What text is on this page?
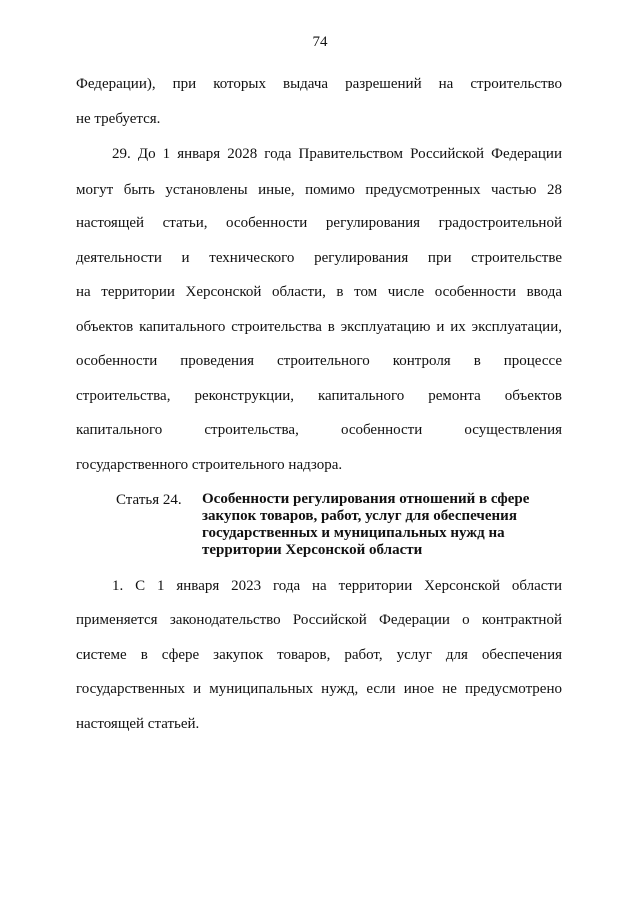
74
Федерации), при которых выдача разрешений на строительство
не требуется.
29. До 1 января 2028 года Правительством Российской Федерации
могут быть установлены иные, помимо предусмотренных частью 28
настоящей статьи, особенности регулирования градостроительной
деятельности и технического регулирования при строительстве
на территории Херсонской области, в том числе особенности ввода
объектов капитального строительства в эксплуатацию и их эксплуатации,
особенности проведения строительного контроля в процессе
строительства, реконструкции, капитального ремонта объектов
капитального строительства, особенности осуществления
государственного строительного надзора.
Статья 24. Особенности регулирования отношений в сфере
закупок товаров, работ, услуг для обеспечения
государственных и муниципальных нужд на
территории Херсонской области
1. С 1 января 2023 года на территории Херсонской области
применяется законодательство Российской Федерации о контрактной
системе в сфере закупок товаров, работ, услуг для обеспечения
государственных и муниципальных нужд, если иное не предусмотрено
настоящей статьей.
